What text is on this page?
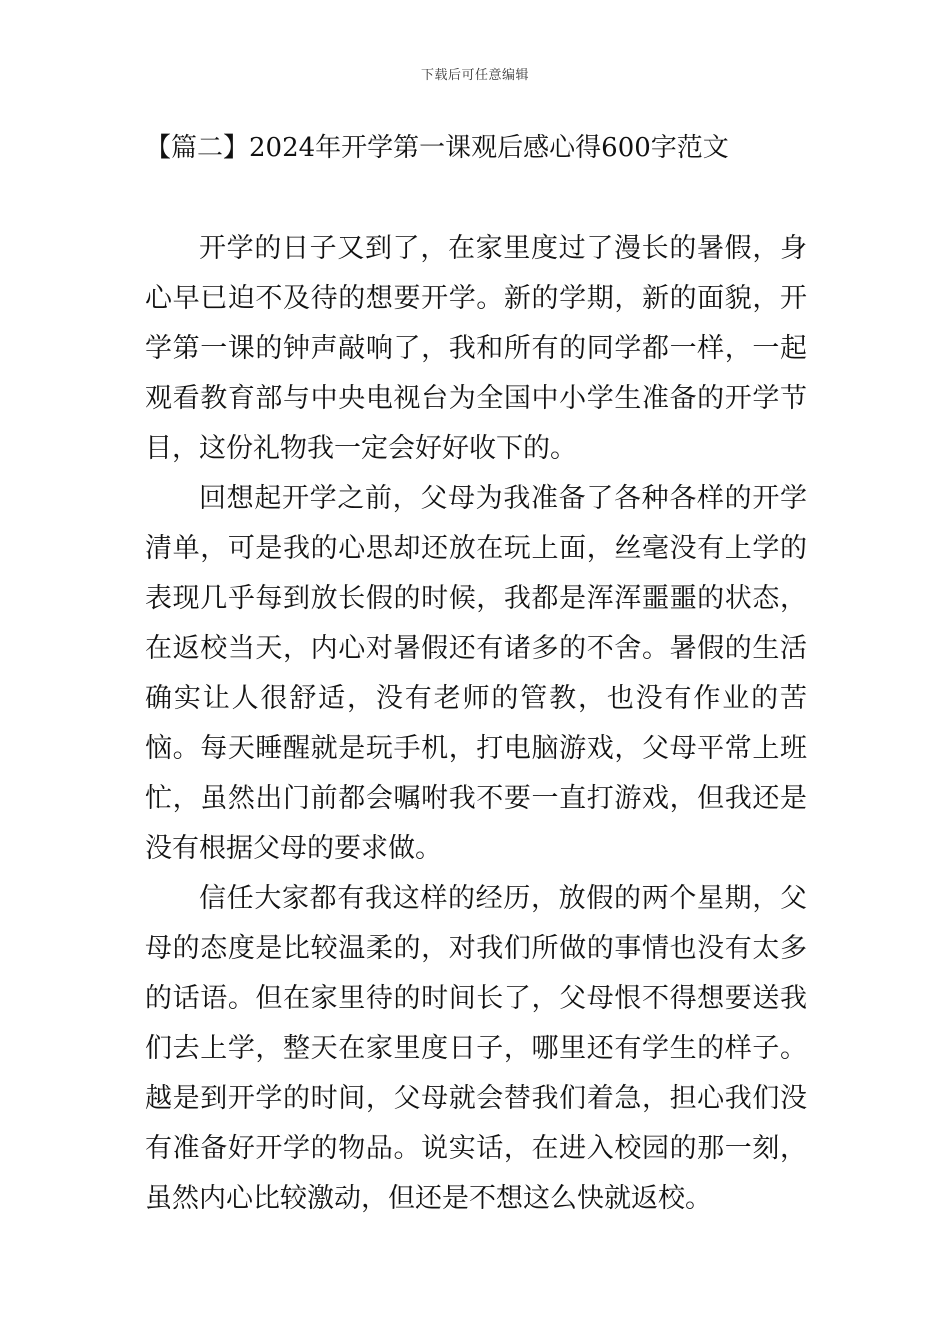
下载后可任意编辑
【篇二】2024年开学第一课观后感心得600字范文

开学的日子又到了，在家里度过了漫长的暑假，身心早已迫不及待的想要开学。新的学期，新的面貌，开学第一课的钟声敲响了，我和所有的同学都一样，一起观看教育部与中央电视台为全国中小学生准备的开学节目，这份礼物我一定会好好收下的。

回想起开学之前，父母为我准备了各种各样的开学清单，可是我的心思却还放在玩上面，丝毫没有上学的表现几乎每到放长假的时候，我都是浑浑噩噩的状态，在返校当天，内心对暑假还有诸多的不舍。暑假的生活确实让人很舒适，没有老师的管教，也没有作业的苦恼。每天睡醒就是玩手机，打电脑游戏，父母平常上班忙，虽然出门前都会嘱咐我不要一直打游戏，但我还是没有根据父母的要求做。

信任大家都有我这样的经历，放假的两个星期，父母的态度是比较温柔的，对我们所做的事情也没有太多的话语。但在家里待的时间长了，父母恨不得想要送我们去上学，整天在家里度日子，哪里还有学生的样子。越是到开学的时间，父母就会替我们着急，担心我们没有准备好开学的物品。说实话，在进入校园的那一刻，虽然内心比较激动，但还是不想这么快就返校。
